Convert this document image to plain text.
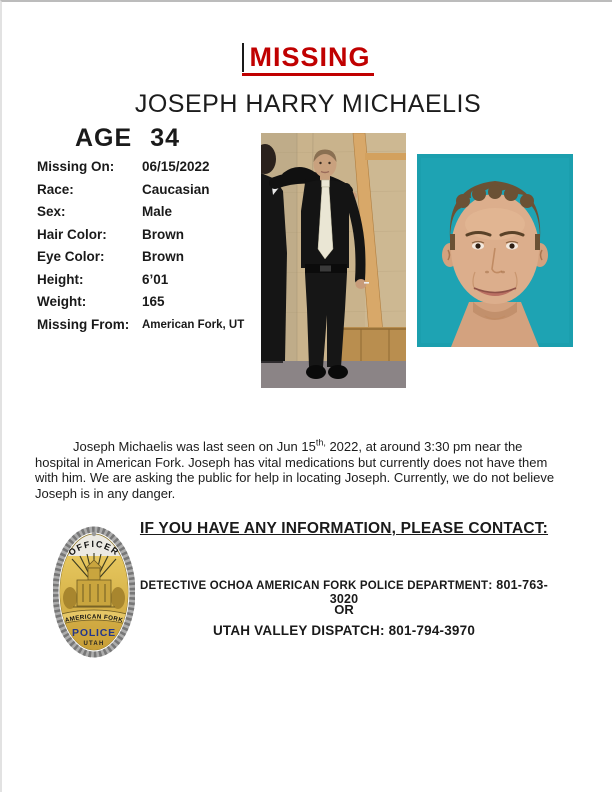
MISSING
JOSEPH HARRY MICHAELIS
AGE 34
Missing On:	06/15/2022
Race:	Caucasian
Sex:	Male
Hair Color:	Brown
Eye Color:	Brown
Height:	6’01
Weight:	165
Missing From:	American Fork, UT

Joseph Michaelis was last seen on Jun $15^{th,}$ 2022, at around 3:30 pm near the hospital in American Fork. Joseph has vital medications but currently does not have them with him. We are asking the public for help in locating Joseph. Currently, we do not believe Joseph is in any danger.

OFFICER
AMERICAN FORK
POLICE
UTAH
IF YOU HAVE ANY INFORMATION, PLEASE CONTACT:
DETECTIVE OCHOA AMERICAN FORK POLICE DEPARTMENT: 801-763-3020
OR
UTAH VALLEY DISPATCH: 801-794-3970
